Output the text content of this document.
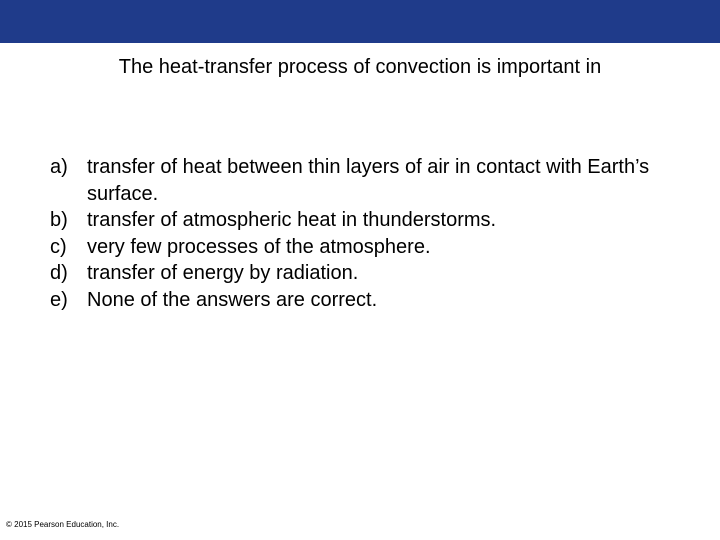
The heat-transfer process of convection is important in

a) transfer of heat between thin layers of air in contact with Earth’s surface.
b) transfer of atmospheric heat in thunderstorms.
c)	very few processes of the atmosphere.
d) transfer of energy by radiation.
e) None of the answers are correct.
© 2015 Pearson Education, Inc.
